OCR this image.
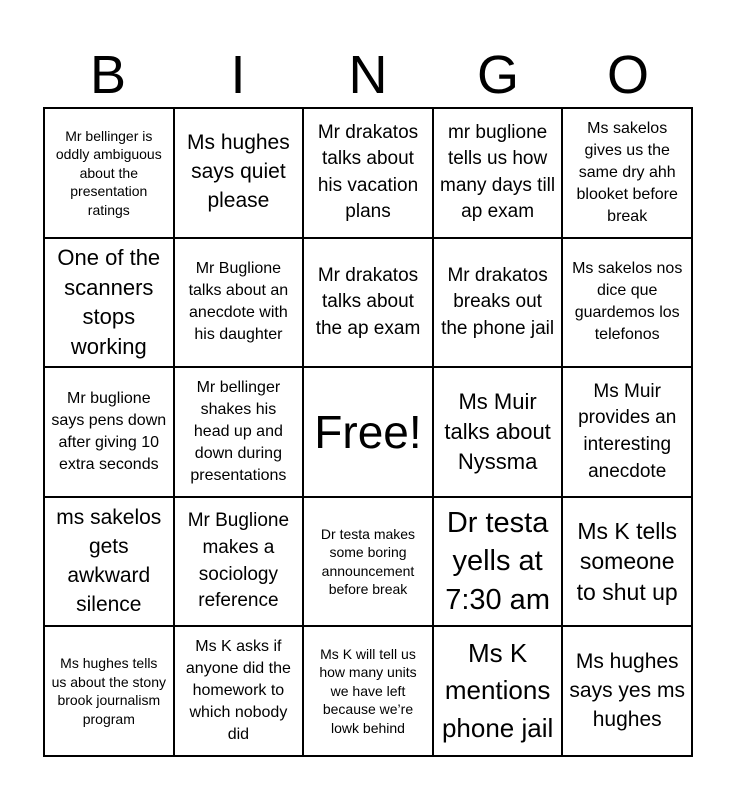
B	I	N	G	O
Mr bellinger is oddly ambiguous about the presentation ratings
Ms hughes says quiet please
Mr drakatos talks about his vacation plans
mr buglione tells us how many days till ap exam
Ms sakelos gives us the same dry ahh blooket before break
One of the scanners stops working
Mr Buglione talks about an anecdote with his daughter
Mr drakatos talks about the ap exam
Mr drakatos breaks out the phone jail
Ms sakelos nos dice que guardemos los telefonos
Mr buglione says pens down after giving 10 extra seconds
Mr bellinger shakes his head up and down during presentations
Free!
Ms Muir talks about Nyssma
Ms Muir provides an interesting anecdote
ms sakelos gets awkward silence
Mr Buglione makes a sociology reference
Dr testa makes some boring announcement before break
Dr testa yells at 7:30 am
Ms K tells someone to shut up
Ms hughes tells us about the stony brook journalism program
Ms K asks if anyone did the homework to which nobody did
Ms K will tell us how many units we have left because we’re lowk behind
Ms K mentions phone jail
Ms hughes says yes ms hughes
